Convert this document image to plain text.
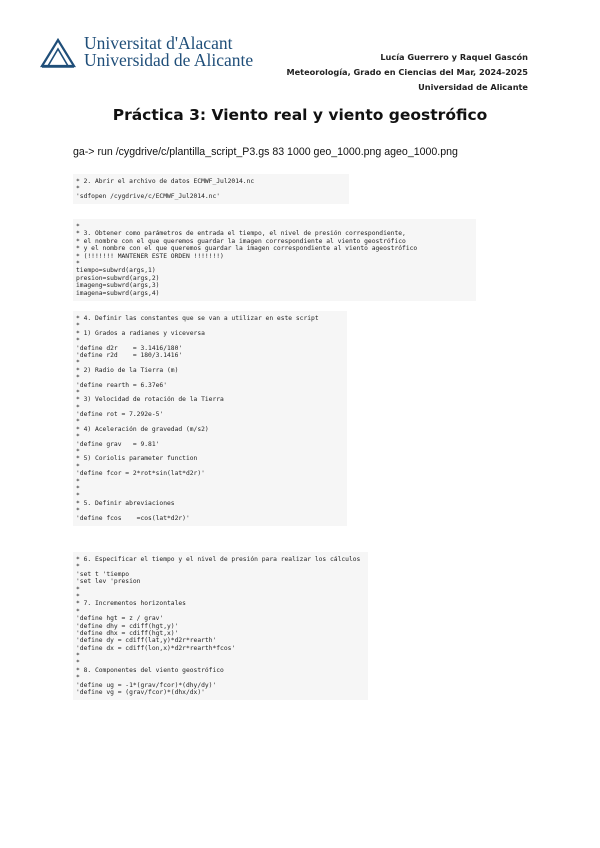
Universitat d'Alacant
Universidad de Alicante	Lucía Guerrero y Raquel Gascón
Meteorología, Grado en Ciencias del Mar, 2024-2025
Universidad de Alicante
Práctica 3: Viento real y viento geostrófico
ga-> run /cygdrive/c/plantilla_script_P3.gs 83 1000 geo_1000.png ageo_1000.png
* 2. Abrir el archivo de datos ECMWF_Jul2014.nc
*
'sdfopen /cygdrive/c/ECMWF_Jul2014.nc'
*
* 3. Obtener como parámetros de entrada el tiempo, el nivel de presión correspondiente,
* el nombre con el que queremos guardar la imagen correspondiente al viento geostrófico
* y el nombre con el que queremos guardar la imagen correspondiente al viento ageostrófico
* (!!!!!!! MANTENER ESTE ORDEN !!!!!!!)
*
tiempo=subwrd(args,1)
presion=subwrd(args,2)
imageng=subwrd(args,3)
imagena=subwrd(args,4)
* 4. Definir las constantes que se van a utilizar en este script
*
* 1) Grados a radianes y viceversa
*
'define d2r    = 3.1416/180'
'define r2d    = 180/3.1416'
*
* 2) Radio de la Tierra (m)
*
'define rearth = 6.37e6'
*
* 3) Velocidad de rotación de la Tierra
*
'define rot = 7.292e-5'
*
* 4) Aceleración de gravedad (m/s2)
*
'define grav   = 9.81'
*
* 5) Coriolis parameter function
*
'define fcor = 2*rot*sin(lat*d2r)'
*
*
*
* 5. Definir abreviaciones
*
'define fcos    =cos(lat*d2r)'
* 6. Especificar el tiempo y el nivel de presión para realizar los cálculos
*
'set t 'tiempo
'set lev 'presion
*
*
* 7. Incrementos horizontales
*
'define hgt = z / grav'
'define dhy = cdiff(hgt,y)'
'define dhx = cdiff(hgt,x)'
'define dy = cdiff(lat,y)*d2r*rearth'
'define dx = cdiff(lon,x)*d2r*rearth*fcos'
*
*
* 8. Componentes del viento geostrófico
*
'define ug = -1*(grav/fcor)*(dhy/dy)'
'define vg = (grav/fcor)*(dhx/dx)'
